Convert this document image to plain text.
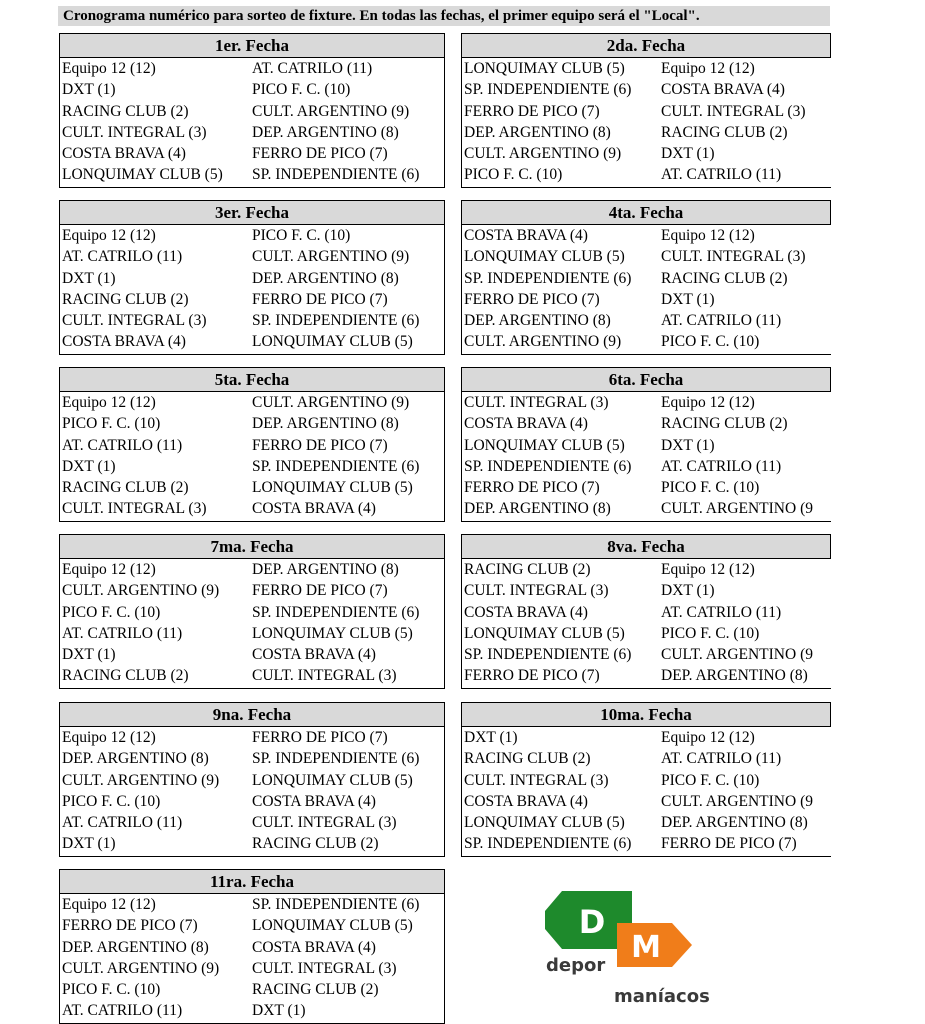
Cronograma numérico para sorteo de fixture. En todas las fechas, el primer equipo será el "Local".
1er. Fecha
Equipo 12 (12)	AT. CATRILO (11)
DXT (1)	PICO F. C. (10)
RACING CLUB (2)	CULT. ARGENTINO (9)
CULT. INTEGRAL (3)	DEP. ARGENTINO (8)
COSTA BRAVA (4)	FERRO DE PICO (7)
LONQUIMAY CLUB (5) SP. INDEPENDIENTE (6)
2da. Fecha
LONQUIMAY CLUB (5) Equipo 12 (12)
SP. INDEPENDIENTE (6) COSTA BRAVA (4)
FERRO DE PICO (7)	CULT. INTEGRAL (3)
DEP. ARGENTINO (8)	RACING CLUB (2)
CULT. ARGENTINO (9)	DXT (1)
PICO F. C. (10)	AT. CATRILO (11)
3er. Fecha
Equipo 12 (12)	PICO F. C. (10)
AT. CATRILO (11)	CULT. ARGENTINO (9)
DXT (1)	DEP. ARGENTINO (8)
RACING CLUB (2)	FERRO DE PICO (7)
CULT. INTEGRAL (3)	SP. INDEPENDIENTE (6)
COSTA BRAVA (4)	LONQUIMAY CLUB (5)
4ta. Fecha
COSTA BRAVA (4)	Equipo 12 (12)
LONQUIMAY CLUB (5) CULT. INTEGRAL (3)
SP. INDEPENDIENTE (6) RACING CLUB (2)
FERRO DE PICO (7)	DXT (1)
DEP. ARGENTINO (8)	AT. CATRILO (11)
CULT. ARGENTINO (9)	PICO F. C. (10)
5ta. Fecha
Equipo 12 (12)	CULT. ARGENTINO (9)
PICO F. C. (10)	DEP. ARGENTINO (8)
AT. CATRILO (11)	FERRO DE PICO (7)
DXT (1)	SP. INDEPENDIENTE (6)
RACING CLUB (2)	LONQUIMAY CLUB (5)
CULT. INTEGRAL (3)	COSTA BRAVA (4)
6ta. Fecha
CULT. INTEGRAL (3)	Equipo 12 (12)
COSTA BRAVA (4)	RACING CLUB (2)
LONQUIMAY CLUB (5) DXT (1)
SP. INDEPENDIENTE (6) AT. CATRILO (11)
FERRO DE PICO (7)	PICO F. C. (10)
DEP. ARGENTINO (8)	CULT. ARGENTINO (9
7ma. Fecha
Equipo 12 (12)	DEP. ARGENTINO (8)
CULT. ARGENTINO (9) FERRO DE PICO (7)
PICO F. C. (10)	SP. INDEPENDIENTE (6)
AT. CATRILO (11)	LONQUIMAY CLUB (5)
DXT (1)	COSTA BRAVA (4)
RACING CLUB (2)	CULT. INTEGRAL (3)
8va. Fecha
RACING CLUB (2)	Equipo 12 (12)
CULT. INTEGRAL (3)	DXT (1)
COSTA BRAVA (4)	AT. CATRILO (11)
LONQUIMAY CLUB (5) PICO F. C. (10)
SP. INDEPENDIENTE (6) CULT. ARGENTINO (9
FERRO DE PICO (7)	DEP. ARGENTINO (8)
9na. Fecha
Equipo 12 (12)	FERRO DE PICO (7)
DEP. ARGENTINO (8)	SP. INDEPENDIENTE (6)
CULT. ARGENTINO (9) LONQUIMAY CLUB (5)
PICO F. C. (10)	COSTA BRAVA (4)
AT. CATRILO (11)	CULT. INTEGRAL (3)
DXT (1)	RACING CLUB (2)
10ma. Fecha
DXT (1)	Equipo 12 (12)
RACING CLUB (2)	AT. CATRILO (11)
CULT. INTEGRAL (3)	PICO F. C. (10)
COSTA BRAVA (4)	CULT. ARGENTINO (9
LONQUIMAY CLUB (5) DEP. ARGENTINO (8)
SP. INDEPENDIENTE (6) FERRO DE PICO (7)
11ra. Fecha
Equipo 12 (12)	SP. INDEPENDIENTE (6)
FERRO DE PICO (7)	LONQUIMAY CLUB (5)
DEP. ARGENTINO (8)	COSTA BRAVA (4)
CULT. ARGENTINO (9) CULT. INTEGRAL (3)
PICO F. C. (10)	RACING CLUB (2)
AT. CATRILO (11)	DXT (1)
D
M
depor
maníacos
